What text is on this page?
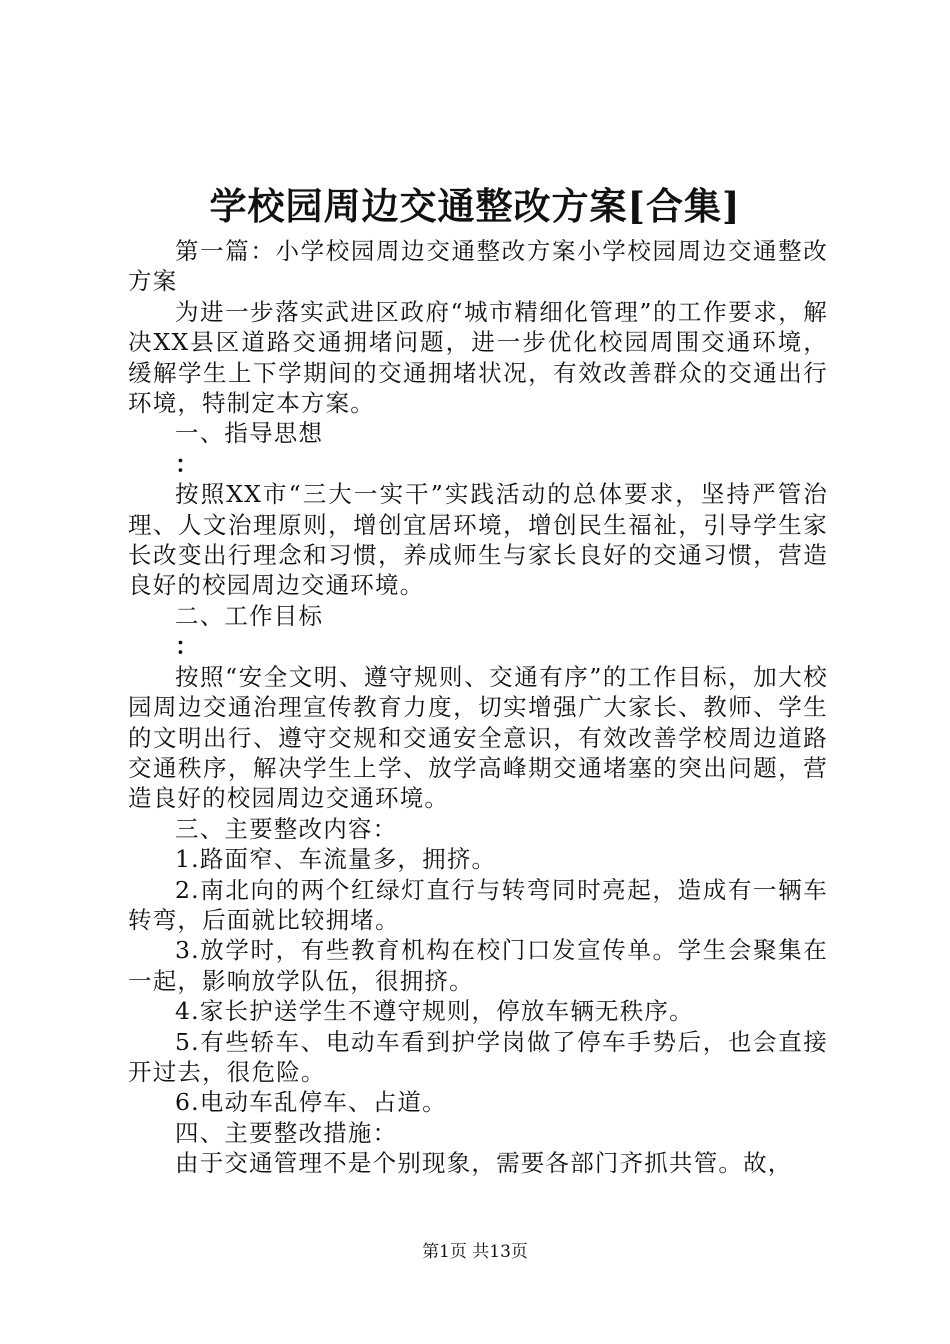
学校园周边交通整改方案[合集]

第一篇：小学校园周边交通整改方案小学校园周边交通整改方案

为进一步落实武进区政府“城市精细化管理”的工作要求，解决XX县区道路交通拥堵问题，进一步优化校园周围交通环境，缓解学生上下学期间的交通拥堵状况，有效改善群众的交通出行环境，特制定本方案。

一、指导思想

：

按照XX市“三大一实干”实践活动的总体要求，坚持严管治理、人文治理原则，增创宜居环境，增创民生福祉，引导学生家长改变出行理念和习惯，养成师生与家长良好的交通习惯，营造良好的校园周边交通环境。

二、工作目标

：

按照“安全文明、遵守规则、交通有序”的工作目标，加大校园周边交通治理宣传教育力度，切实增强广大家长、教师、学生的文明出行、遵守交规和交通安全意识，有效改善学校周边道路交通秩序，解决学生上学、放学高峰期交通堵塞的突出问题，营造良好的校园周边交通环境。

三、主要整改内容：

1.路面窄、车流量多，拥挤。

2.南北向的两个红绿灯直行与转弯同时亮起，造成有一辆车转弯，后面就比较拥堵。

3.放学时，有些教育机构在校门口发宣传单。学生会聚集在一起，影响放学队伍，很拥挤。

4.家长护送学生不遵守规则，停放车辆无秩序。

5.有些轿车、电动车看到护学岗做了停车手势后，也会直接开过去，很危险。

6.电动车乱停车、占道。

四、主要整改措施：

由于交通管理不是个别现象，需要各部门齐抓共管。故，

第1页 共13页
